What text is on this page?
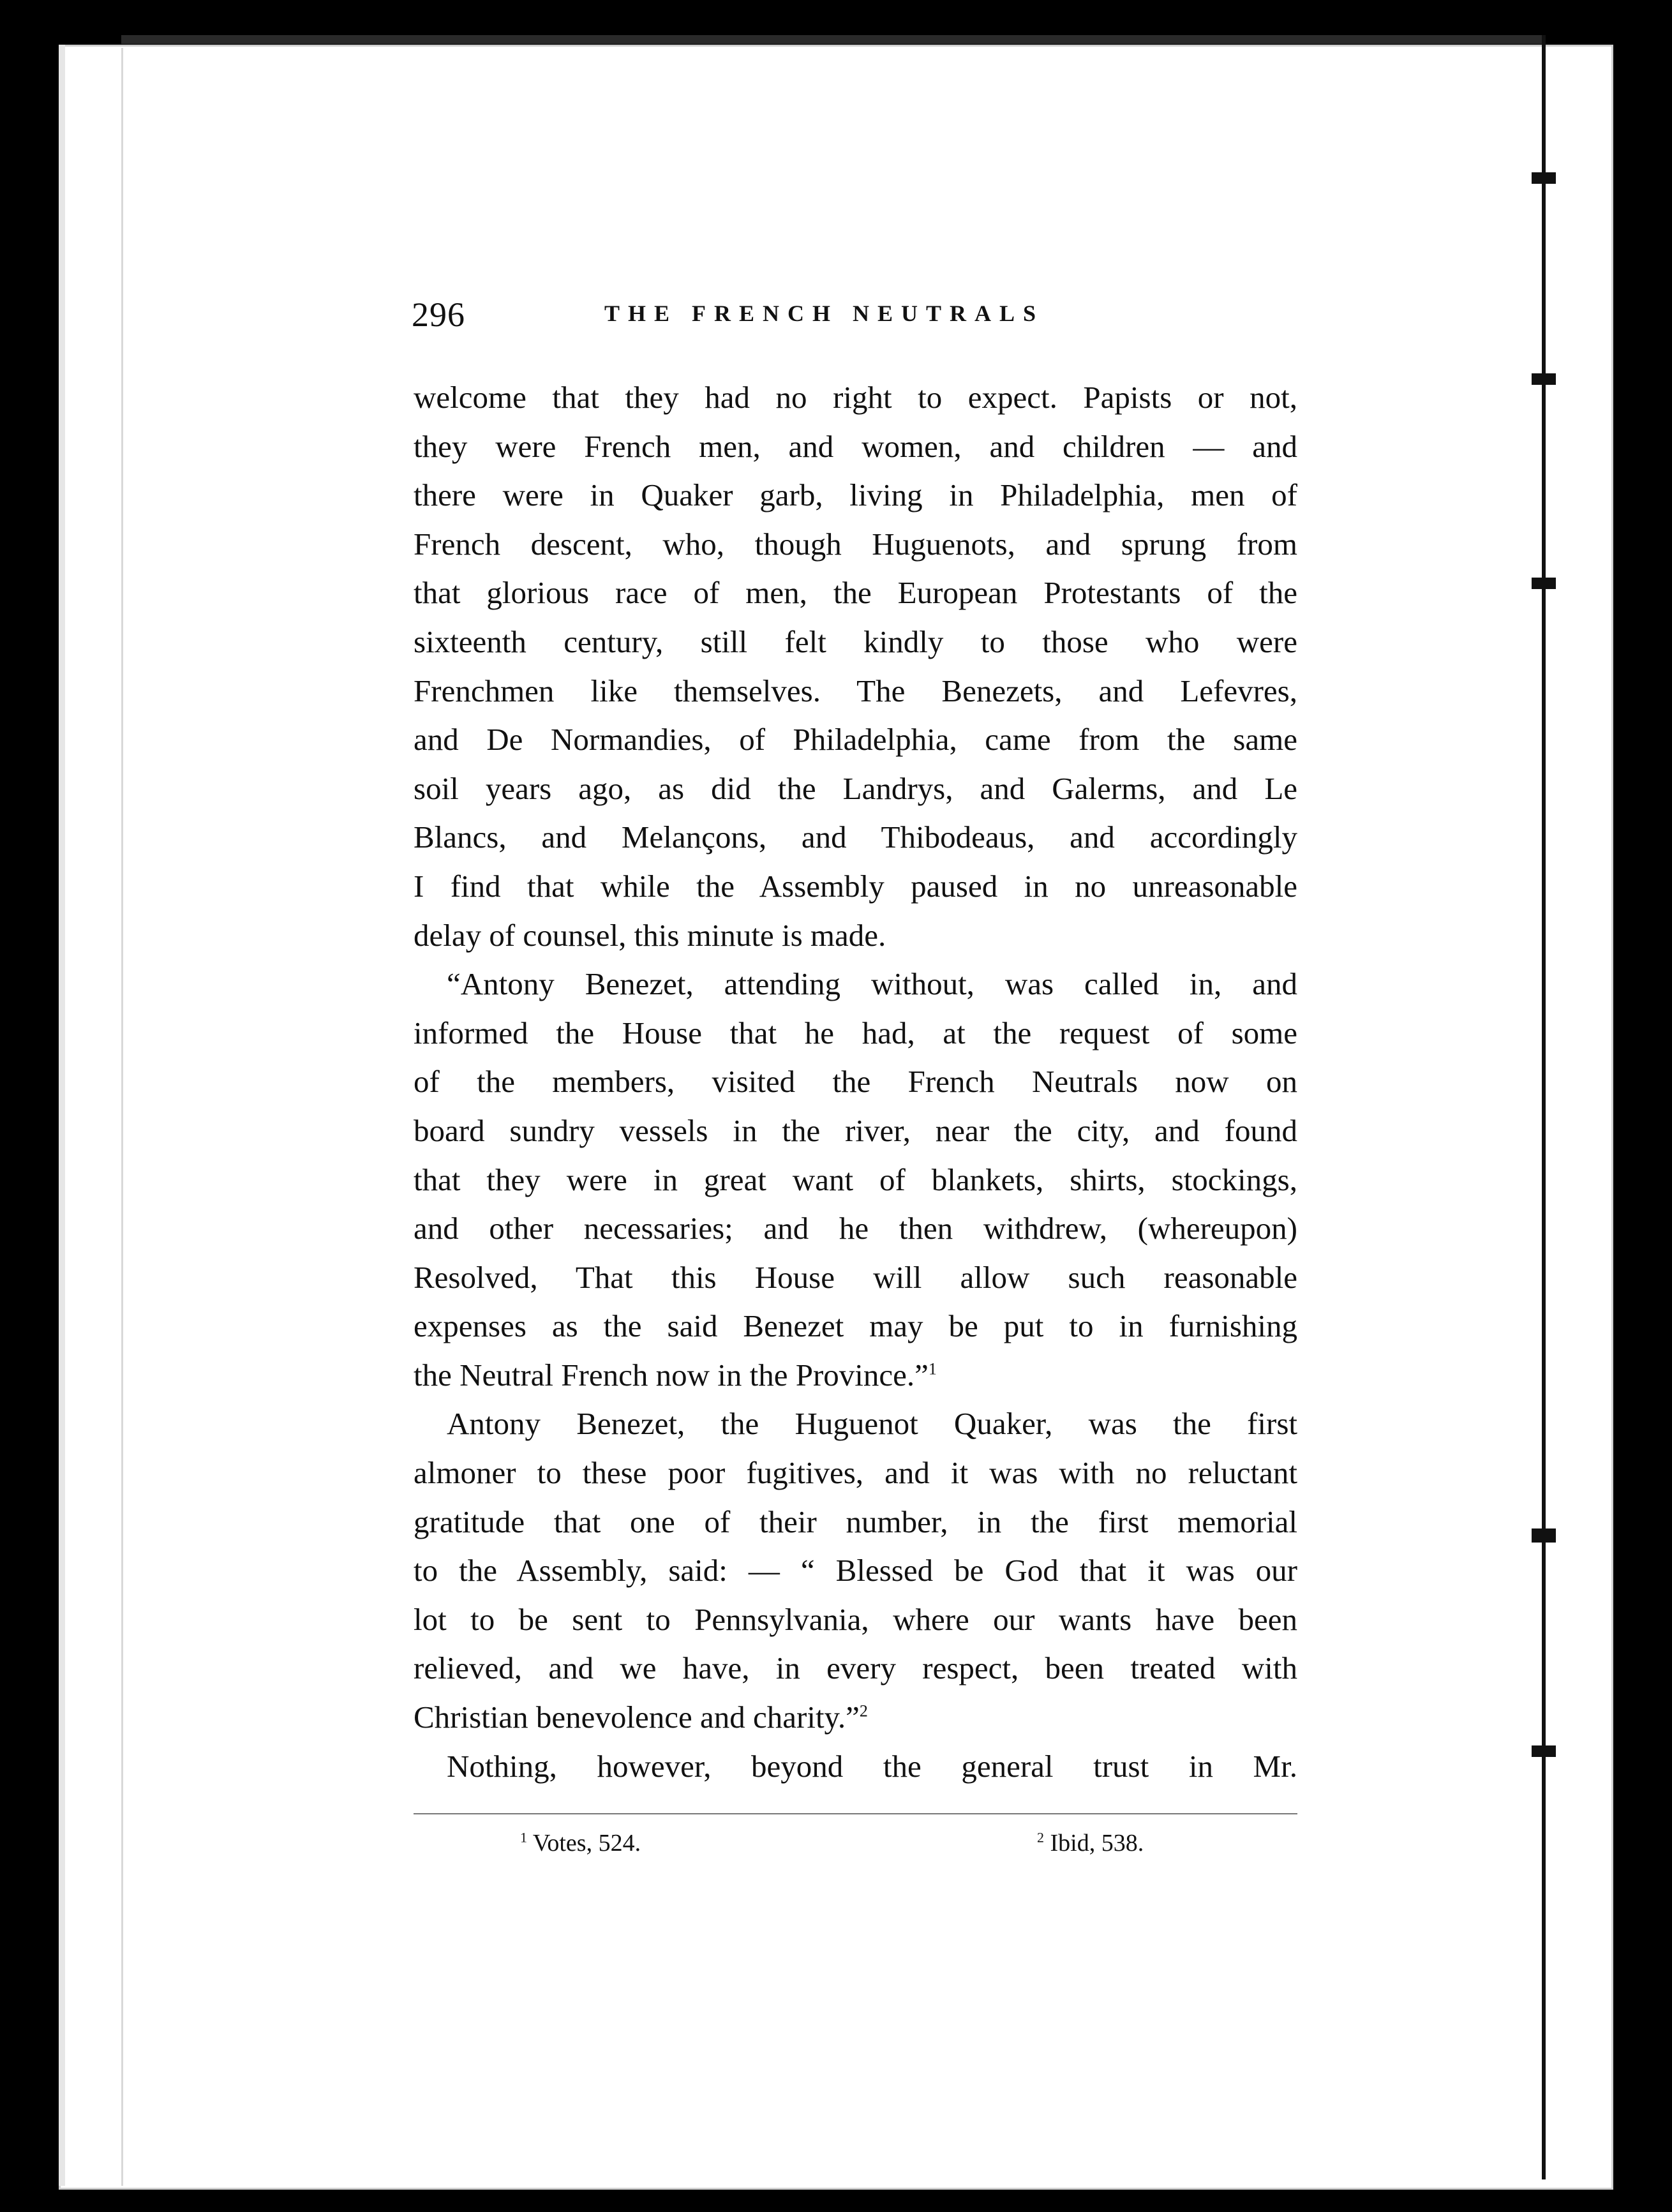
296	THE FRENCH NEUTRALS

welcome that they had no right to expect. Papists or not,
they were French men, and women, and children — and
there were in Quaker garb, living in Philadelphia, men of
French descent, who, though Huguenots, and sprung from
that glorious race of men, the European Protestants of the
sixteenth century, still felt kindly to those who were
Frenchmen like themselves. The Benezets, and Lefevres,
and De Normandies, of Philadelphia, came from the same
soil years ago, as did the Landrys, and Galerms, and Le
Blancs, and Melançons, and Thibodeaus, and accordingly
I find that while the Assembly paused in no unreasonable
delay of counsel, this minute is made.

“Antony Benezet, attending without, was called in, and
informed the House that he had, at the request of some
of the members, visited the French Neutrals now on
board sundry vessels in the river, near the city, and found
that they were in great want of blankets, shirts, stockings,
and other necessaries; and he then withdrew, (whereupon)
Resolved, That this House will allow such reasonable
expenses as the said Benezet may be put to in furnishing
the Neutral French now in the Province.”$^1$

Antony Benezet, the Huguenot Quaker, was the first
almoner to these poor fugitives, and it was with no reluctant
gratitude that one of their number, in the first memorial
to the Assembly, said: — “ Blessed be God that it was our
lot to be sent to Pennsylvania, where our wants have been
relieved, and we have, in every respect, been treated with
Christian benevolence and charity.”$^2$

Nothing, however, beyond the general trust in Mr.

$^1$ Votes, 524.	$^2$ Ibid, 538.
